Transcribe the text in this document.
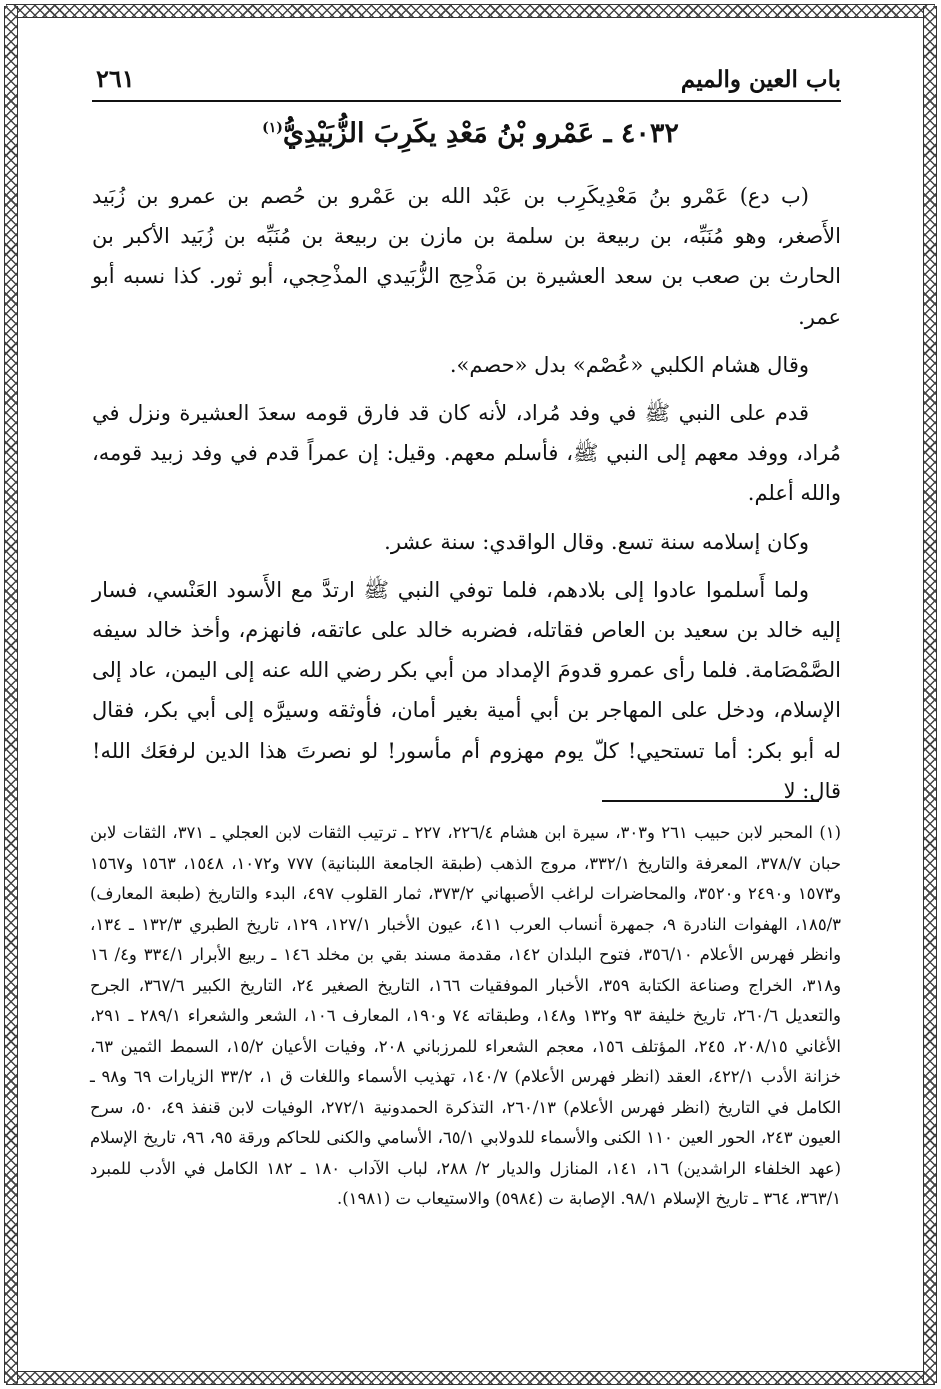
باب العين والميم
٢٦١
٤٠٣٢ ـ عَمْرو بْنُ مَعْدِ يكَرِبَ الزُّبَيْدِيُّ$^{(١)}$

(ب دع) عَمْرو بنُ مَعْدِيكَرِب بن عَبْد الله بن عَمْرو بن حُصم بن عمرو بن زُبَيد الأَصغر، وهو مُنَبِّه، بن ربيعة بن سلمة بن مازن بن ربيعة بن مُنَبِّه بن زُبَيد الأكبر بن الحارث بن صعب بن سعد العشيرة بن مَذْحِج الزُّبَيدي المذْحِجي، أبو ثور. كذا نسبه أبو عمر.

وقال هشام الكلبي «عُصْم» بدل «حصم».

قدم على النبي ﷺ في وفد مُراد، لأنه كان قد فارق قومه سعدَ العشيرة ونزل في مُراد، ووفد معهم إلى النبي ﷺ، فأسلم معهم. وقيل: إن عمراً قدم في وفد زبيد قومه، والله أعلم.

وكان إسلامه سنة تسع. وقال الواقدي: سنة عشر.

ولما أَسلموا عادوا إلى بلادهم، فلما توفي النبي ﷺ ارتدَّ مع الأَسود العَنْسي، فسار إليه خالد بن سعيد بن العاص فقاتله، فضربه خالد على عاتقه، فانهزم، وأخذ خالد سيفه الصَّمْصَامة. فلما رأى عمرو قدومَ الإمداد من أبي بكر رضي الله عنه إلى اليمن، عاد إلى الإسلام، ودخل على المهاجر بن أبي أمية بغير أمان، فأوثقه وسيرَّه إلى أبي بكر، فقال له أبو بكر: أما تستحيي! كلّ يوم مهزوم أم مأسور! لو نصرتَ هذا الدين لرفعَك الله! قال: لا

(١) المحبر لابن حبيب ٢٦١ و٣٠٣، سيرة ابن هشام ٢٢٦/٤، ٢٢٧ ـ ترتيب الثقات لابن العجلي ـ ٣٧١، الثقات لابن حبان ٣٧٨/٧، المعرفة والتاريخ ٣٣٢/١، مروج الذهب (طبقة الجامعة اللبنانية) ٧٧٧ و١٠٧٢، ١٥٤٨، ١٥٦٣ و١٥٦٧ و١٥٧٣ و٢٤٩٠ و٣٥٢٠، والمحاضرات لراغب الأصبهاني ٣٧٣/٢، ثمار القلوب ٤٩٧، البدء والتاريخ (طبعة المعارف) ١٨٥/٣، الهفوات النادرة ٩، جمهرة أنساب العرب ٤١١، عيون الأخبار ١٢٧/١، ١٢٩، تاريخ الطبري ١٣٢/٣ ـ ١٣٤، وانظر فهرس الأعلام ٣٥٦/١٠، فتوح البلدان ١٤٢، مقدمة مسند بقي بن مخلد ١٤٦ ـ ربيع الأبرار ٣٣٤/١ و٤/ ١٦ و٣١٨، الخراج وصناعة الكتابة ٣٥٩، الأخبار الموفقيات ١٦٦، التاريخ الصغير ٢٤، التاريخ الكبير ٣٦٧/٦، الجرح والتعديل ٢٦٠/٦، تاريخ خليفة ٩٣ و١٣٢ و١٤٨، وطبقاته ٧٤ و١٩٠، المعارف ١٠٦، الشعر والشعراء ٢٨٩/١ ـ ٢٩١، الأغاني ٢٠٨/١٥، ٢٤٥، المؤتلف ١٥٦، معجم الشعراء للمرزباني ٢٠٨، وفيات الأعيان ١٥/٢، السمط الثمين ٦٣، خزانة الأدب ٤٢٢/١، العقد (انظر فهرس الأعلام) ١٤٠/٧، تهذيب الأسماء واللغات ق ١، ٣٣/٢ الزيارات ٦٩ و٩٨ ـ الكامل في التاريخ (انظر فهرس الأعلام) ٢٦٠/١٣، التذكرة الحمدونية ٢٧٢/١، الوفيات لابن قنفذ ٤٩، ٥٠، سرح العيون ٢٤٣، الحور العين ١١٠ الكنى والأسماء للدولابي ٦٥/١، الأسامي والكنى للحاكم ورقة ٩٥، ٩٦، تاريخ الإسلام (عهد الخلفاء الراشدين) ١٦، ١٤١، المنازل والديار ٢/ ٢٨٨، لباب الآداب ١٨٠ ـ ١٨٢ الكامل في الأدب للمبرد ٣٦٣/١، ٣٦٤ ـ تاريخ الإسلام ٩٨/١. الإصابة ت (٥٩٨٤) والاستيعاب ت (١٩٨١).
